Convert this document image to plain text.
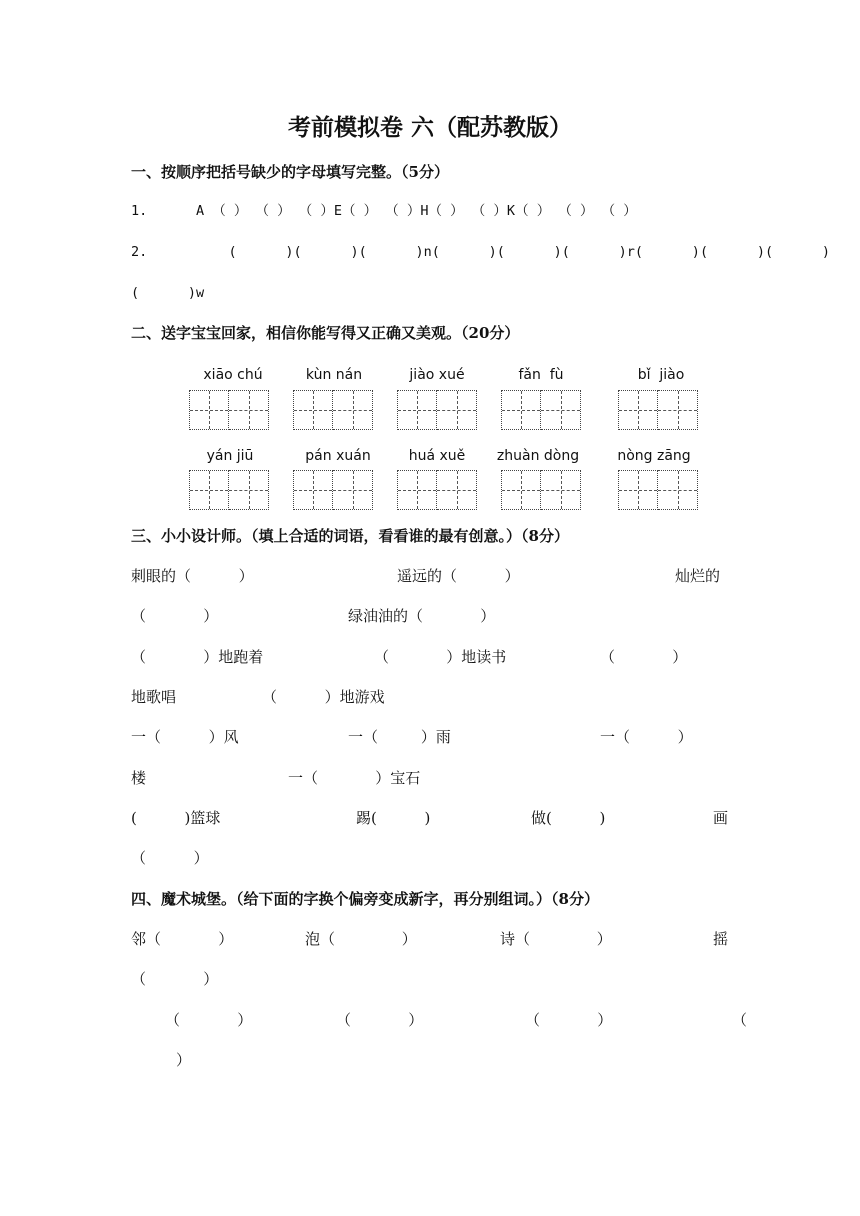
考前模拟卷 六（配苏教版）
一、按顺序把括号缺少的字母填写完整。（5分）
1.      A （ ） （ ） （ ）E（ ） （ ）H（ ） （ ）K（ ） （ ） （ ）
2.          (      )(      )(      )n(      )(      )(      )r(      )(      )(      )
(      )w
二、送字宝宝回家，相信你能写得又正确又美观。（20分）
xiāo chú	kùn nán	jiào xué	fǎn  fù	bǐ  jiào
yán jiū	pán xuán	huá xuě	zhuàn dòng	nòng zāng
三、小小设计师。（填上合适的词语，看看谁的最有创意。）（8分）
刺眼的（          ）	遥远的（          ）	灿烂的
（            ）	绿油油的（            ）
（            ）地跑着	（            ）地读书	（            ）
地歌唱	（          ）地游戏
一（          ）风	一（         ）雨	一（          ）
楼	一（            ）宝石
(          )篮球	踢(          )	做(          )	画
（          ）
四、魔术城堡。（给下面的字换个偏旁变成新字，再分别组词。）（8分）
邻（            ）	泡（              ）	诗（              ）	摇
（            ）
（            ）	（            ）	（            ）	（
）
